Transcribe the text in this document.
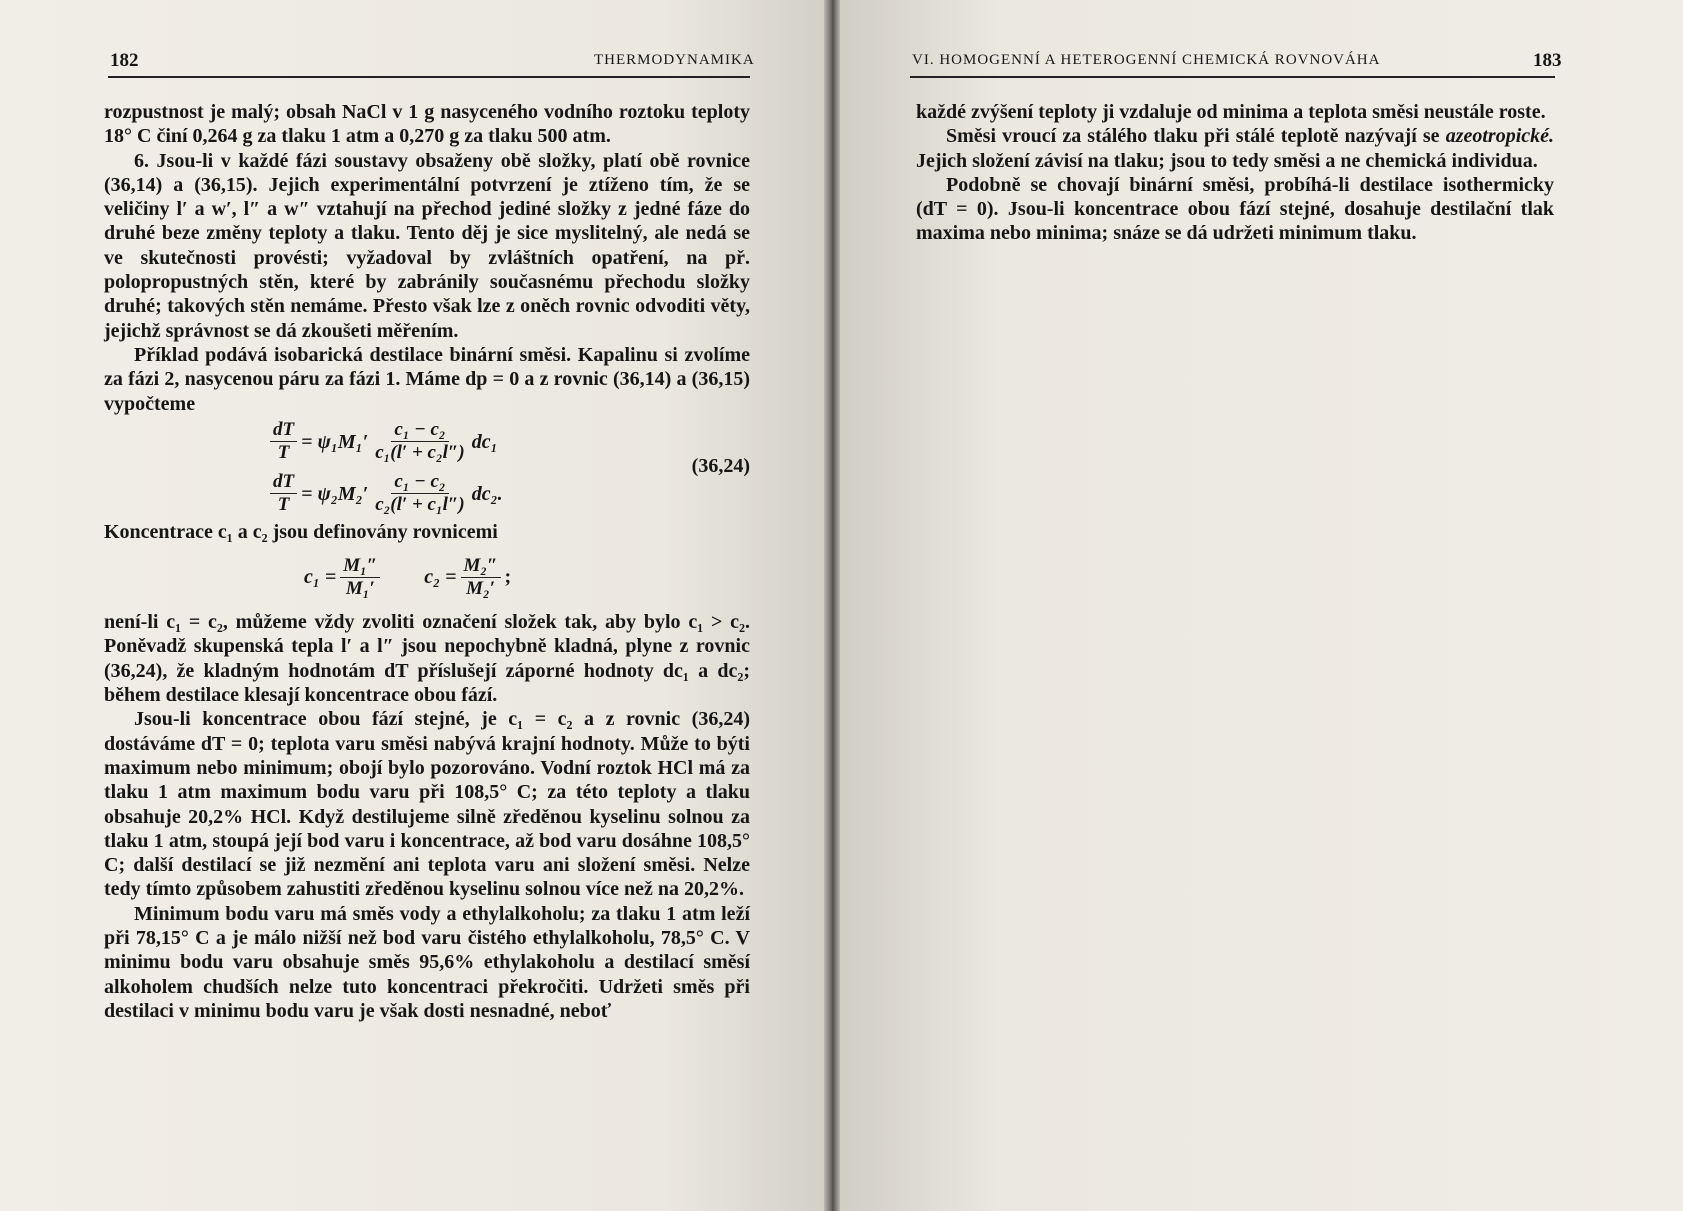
182	THERMODYNAMIKA	VI. HOMOGENNÍ A HETEROGENNÍ CHEMICKÁ ROVNOVÁHA	183

rozpustnost je malý; obsah NaCl v 1 g nasyceného vodního roztoku teploty 18° C činí 0,264 g za tlaku 1 atm a 0,270 g za tlaku 500 atm.

6. Jsou-li v každé fázi soustavy obsaženy obě složky, platí obě rovnice (36,14) a (36,15). Jejich experimentální potvrzení je ztíženo tím, že se veličiny l′ a w′, l″ a w″ vztahují na přechod jediné složky z jedné fáze do druhé beze změny teploty a tlaku. Tento děj je sice myslitelný, ale nedá se ve skutečnosti provésti; vyžadoval by zvláštních opatření, na př. polopropustných stěn, které by zabránily současnému přechodu složky druhé; takových stěn nemáme. Přesto však lze z oněch rovnic odvoditi věty, jejichž správnost se dá zkoušeti měřením.

Příklad podává isobarická destilace binární směsi. Kapalinu si zvolíme za fázi 2, nasycenou páru za fázi 1. Máme dp = 0 a z rovnic (36,14) a (36,15) vypočteme

$\frac{dT}{T} = \psi_1M_1' \frac{\text{c₁ − c₂}}{\text{c₁(l′ + c₂l″)}} dc_1$
$\frac{dT}{T} = \psi_2M_2' \frac{\text{c₁ − c₂}}{\text{c₂(l′ + c₁l″)}} dc_2$.
(36,24)

Koncentrace c₁ a c₂ jsou definovány rovnicemi

$c_1 = \frac{\text{M₁″}}{\text{M₁′}} c_2 = \frac{\text{M₂″}}{\text{M₂′}}$ ;

není-li c₁ = c₂, můžeme vždy zvoliti označení složek tak, aby bylo c₁ > c₂. Poněvadž skupenská tepla l′ a l″ jsou nepochybně kladná, plyne z rovnic (36,24), že kladným hodnotám dT příslušejí záporné hodnoty dc₁ a dc₂; během destilace klesají koncentrace obou fází.

Jsou-li koncentrace obou fází stejné, je c₁ = c₂ a z rovnic (36,24) dostáváme dT = 0; teplota varu směsi nabývá krajní hodnoty. Může to býti maximum nebo minimum; obojí bylo pozorováno. Vodní roztok HCl má za tlaku 1 atm maximum bodu varu při 108,5° C; za této teploty a tlaku obsahuje 20,2% HCl. Když destilujeme silně zředěnou kyselinu solnou za tlaku 1 atm, stoupá její bod varu i koncentrace, až bod varu dosáhne 108,5° C; další destilací se již nezmění ani teplota varu ani složení směsi. Nelze tedy tímto způsobem zahustiti zředěnou kyselinu solnou více než na 20,2%.

Minimum bodu varu má směs vody a ethylalkoholu; za tlaku 1 atm leží při 78,15° C a je málo nižší než bod varu čistého ethylalkoholu, 78,5° C. V minimu bodu varu obsahuje směs 95,6% ethylakoholu a destilací směsí alkoholem chudších nelze tuto koncentraci překročiti. Udržeti směs při destilaci v minimu bodu varu je však dosti nesnadné, neboť

každé zvýšení teploty ji vzdaluje od minima a teplota směsi neustále roste.

Směsi vroucí za stálého tlaku při stálé teplotě nazývají se azeotropické. Jejich složení závisí na tlaku; jsou to tedy směsi a ne chemická individua.

Podobně se chovají binární směsi, probíhá-li destilace isothermicky (dT = 0). Jsou-li koncentrace obou fází stejné, dosahuje destilační tlak maxima nebo minima; snáze se dá udržeti minimum tlaku.
